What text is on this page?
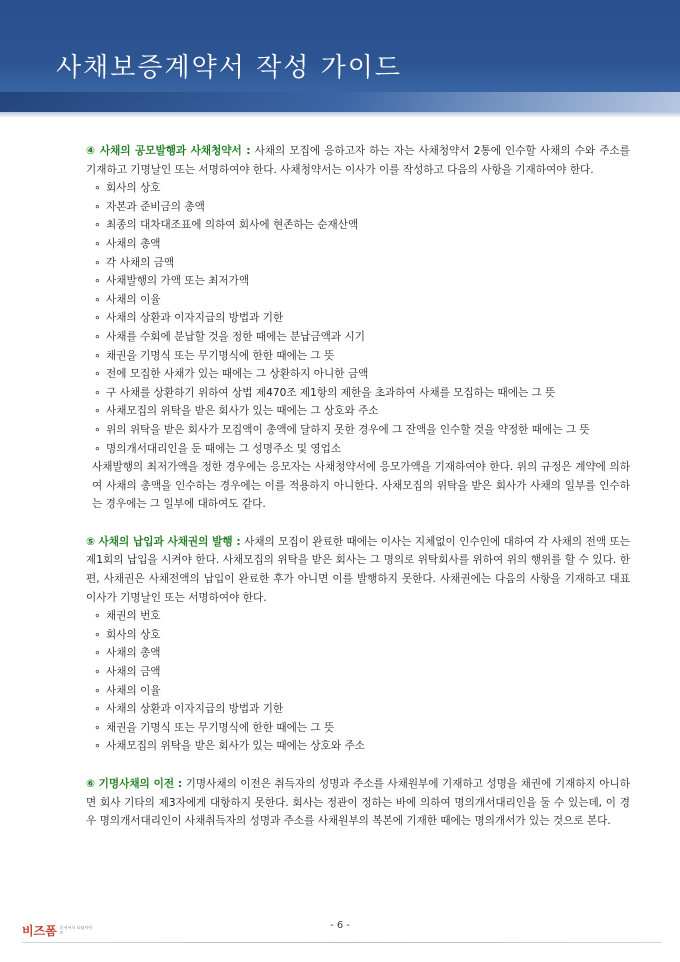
사채보증계약서 작성 가이드

④ 사채의 공모발행과 사채청약서 : 사채의 모집에 응하고자 하는 자는 사채청약서 2통에 인수할 사채의 수와 주소를 기재하고 기명날인 또는 서명하여야 한다. 사채청약서는 이사가 이를 작성하고 다음의 사항을 기재하여야 한다.

∘ 회사의 상호
∘ 자본과 준비금의 총액
∘ 최종의 대차대조표에 의하여 회사에 현존하는 순재산액
∘ 사채의 총액
∘ 각 사채의 금액
∘ 사채발행의 가액 또는 최저가액
∘ 사채의 이율
∘ 사채의 상환과 이자지급의 방법과 기한
∘ 사채를 수회에 분납할 것을 정한 때에는 분납금액과 시기
∘ 채권을 기명식 또는 무기명식에 한한 때에는 그 뜻
∘ 전에 모집한 사채가 있는 때에는 그 상환하지 아니한 금액
∘ 구 사채를 상환하기 위하여 상법 제470조 제1항의 제한을 초과하여 사채를 모집하는 때에는 그 뜻
∘ 사채모집의 위탁을 받은 회사가 있는 때에는 그 상호와 주소
∘ 위의 위탁을 받은 회사가 모집액이 총액에 달하지 못한 경우에 그 잔액을 인수할 것을 약정한 때에는 그 뜻
∘ 명의개서대리인을 둔 때에는 그 성명주소 및 영업소

사채발행의 최저가액을 정한 경우에는 응모자는 사채청약서에 응모가액을 기재하여야 한다. 위의 규정은 계약에 의하여 사채의 총액을 인수하는 경우에는 이를 적용하지 아니한다. 사채모집의 위탁을 받은 회사가 사채의 일부를 인수하는 경우에는 그 일부에 대하여도 같다.

⑤ 사채의 납입과 사채권의 발행 : 사채의 모집이 완료한 때에는 이사는 지체없이 인수인에 대하여 각 사채의 전액 또는 제1회의 납입을 시켜야 한다. 사채모집의 위탁을 받은 회사는 그 명의로 위탁회사를 위하여 위의 행위를 할 수 있다. 한편, 사채권은 사채전액의 납입이 완료한 후가 아니면 이를 발행하지 못한다. 사채권에는 다음의 사항을 기재하고 대표이사가 기명날인 또는 서명하여야 한다.

∘ 채권의 번호
∘ 회사의 상호
∘ 사채의 총액
∘ 사채의 금액
∘ 사채의 이율
∘ 사채의 상환과 이자지급의 방법과 기한
∘ 채권을 기명식 또는 무기명식에 한한 때에는 그 뜻
∘ 사채모집의 위탁을 받은 회사가 있는 때에는 상호와 주소

⑥ 기명사채의 이전 : 기명사채의 이전은 취득자의 성명과 주소를 사채원부에 기재하고 성명을 채권에 기재하지 아니하면 회사 기타의 제3자에게 대항하지 못한다. 회사는 정관이 정하는 바에 의하여 명의개서대리인을 둘 수 있는데, 이 경우 명의개서대리인이 사채취득자의 성명과 주소를 사채원부의 복본에 기재한 때에는 명의개서가 있는 것으로 본다.

비즈폼 문서서식 포털사이트
- 6 -
